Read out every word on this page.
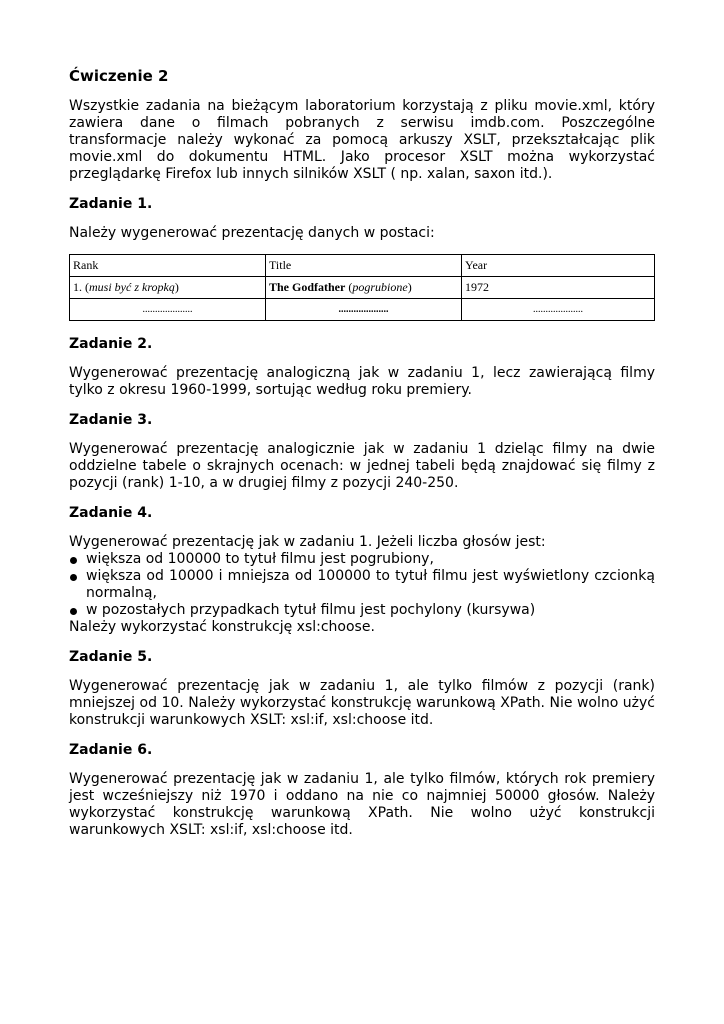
Ćwiczenie 2

Wszystkie zadania na bieżącym laboratorium korzystają z pliku movie.xml, który zawiera dane o filmach pobranych z serwisu imdb.com. Poszczególne transformacje należy wykonać za pomocą arkuszy XSLT, przekształcając plik movie.xml do dokumentu HTML. Jako procesor XSLT można wykorzystać przeglądarkę Firefox lub innych silników XSLT ( np. xalan, saxon itd.).

Zadanie 1.

Należy wygenerować prezentację danych w postaci:

Rank	Title	Year
1. (musi być z kropką)	The Godfather (pogrubione)	1972
....................	....................	....................
Zadanie 2.

Wygenerować prezentację analogiczną jak w zadaniu 1, lecz zawierającą filmy tylko z okresu 1960-1999, sortując według roku premiery.

Zadanie 3.

Wygenerować prezentację analogicznie jak w zadaniu 1 dzieląc filmy na dwie oddzielne tabele o skrajnych ocenach: w jednej tabeli będą znajdować się filmy z pozycji (rank) 1-10, a w drugiej filmy z pozycji 240-250.

Zadanie 4.

Wygenerować prezentację jak w zadaniu 1. Jeżeli liczba głosów jest:

większa od 100000 to tytuł filmu jest pogrubiony,
większa od 10000 i mniejsza od 100000 to tytuł filmu jest wyświetlony czcionką normalną,
w pozostałych przypadkach tytuł filmu jest pochylony (kursywa)

Należy wykorzystać konstrukcję xsl:choose.

Zadanie 5.

Wygenerować prezentację jak w zadaniu 1, ale tylko filmów z pozycji (rank) mniejszej od 10. Należy wykorzystać konstrukcję warunkową XPath. Nie wolno użyć konstrukcji warunkowych XSLT: xsl:if, xsl:choose itd.

Zadanie 6.

Wygenerować prezentację jak w zadaniu 1, ale tylko filmów, których rok premiery jest wcześniejszy niż 1970 i oddano na nie co najmniej 50000 głosów. Należy wykorzystać konstrukcję warunkową XPath. Nie wolno użyć konstrukcji warunkowych XSLT: xsl:if, xsl:choose itd.
